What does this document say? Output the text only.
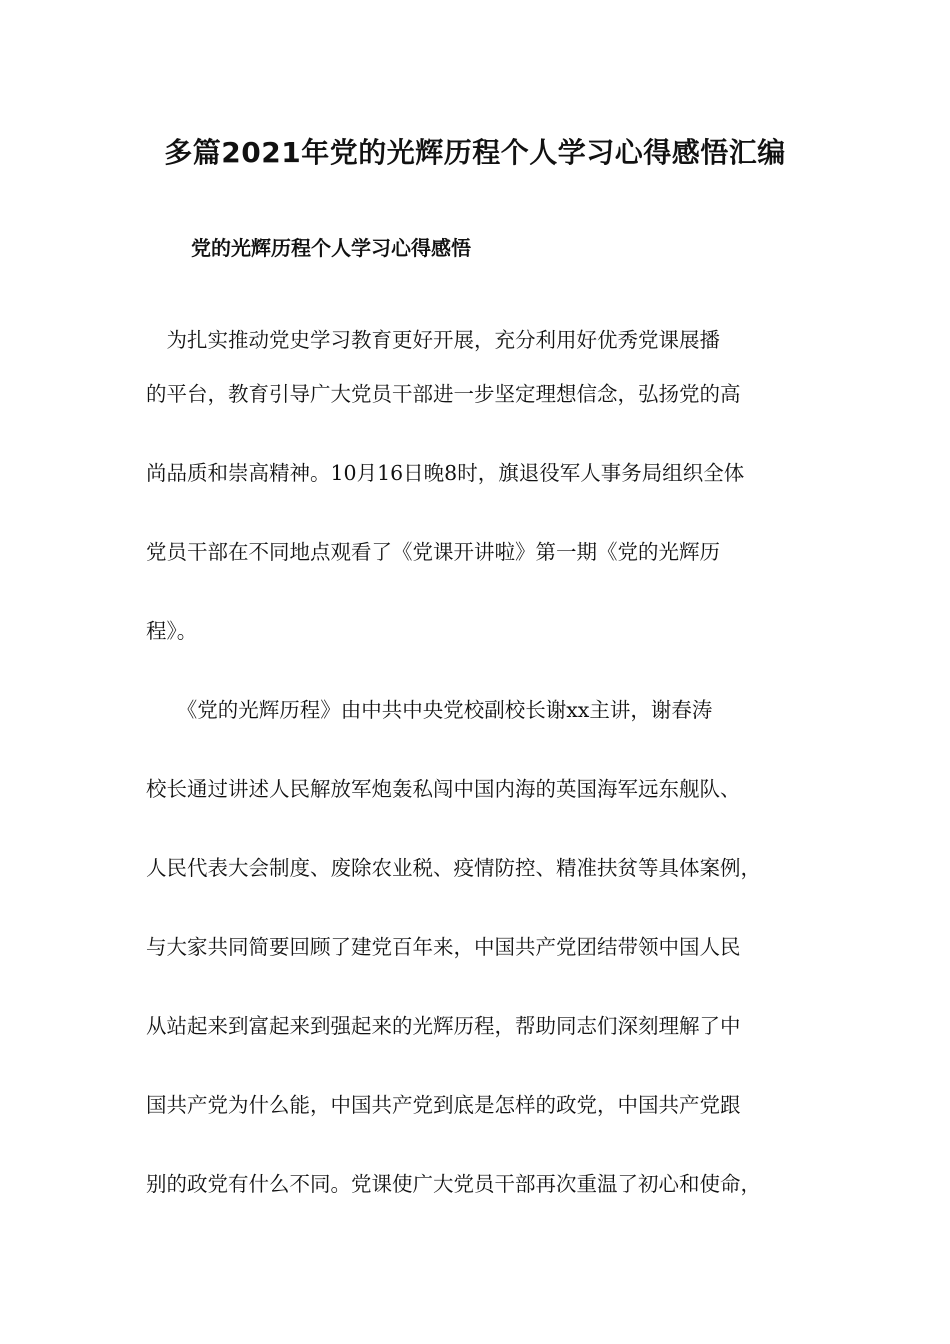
多篇2021年党的光辉历程个人学习心得感悟汇编
党的光辉历程个人学习心得感悟

　为扎实推动党史学习教育更好开展，充分利用好优秀党课展播

的平台，教育引导广大党员干部进一步坚定理想信念，弘扬党的高

尚品质和崇高精神。10月16日晚8时，旗退役军人事务局组织全体

党员干部在不同地点观看了《党课开讲啦》第一期《党的光辉历

程》。

　　《党的光辉历程》由中共中央党校副校长谢xx主讲，谢春涛

校长通过讲述人民解放军炮轰私闯中国内海的英国海军远东舰队、

人民代表大会制度、废除农业税、疫情防控、精准扶贫等具体案例，

与大家共同简要回顾了建党百年来，中国共产党团结带领中国人民

从站起来到富起来到强起来的光辉历程，帮助同志们深刻理解了中

国共产党为什么能，中国共产党到底是怎样的政党，中国共产党跟

别的政党有什么不同。党课使广大党员干部再次重温了初心和使命，
